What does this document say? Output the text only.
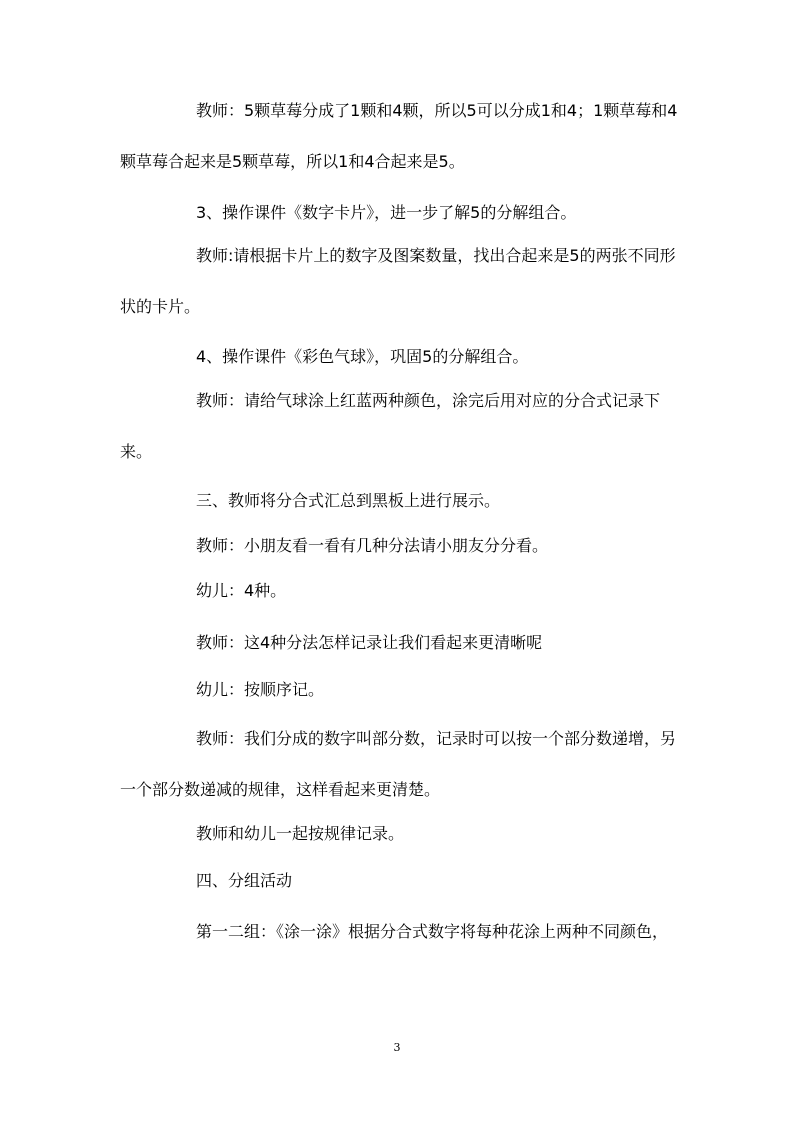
教师：5颗草莓分成了1颗和4颗，所以5可以分成1和4；1颗草莓和4颗草莓合起来是5颗草莓，所以1和4合起来是5。

3、操作课件《数字卡片》，进一步了解5的分解组合。

教师:请根据卡片上的数字及图案数量，找出合起来是5的两张不同形状的卡片。

4、操作课件《彩色气球》，巩固5的分解组合。

教师：请给气球涂上红蓝两种颜色，涂完后用对应的分合式记录下来。

三、教师将分合式汇总到黑板上进行展示。

教师：小朋友看一看有几种分法请小朋友分分看。

幼儿：4种。

教师：这4种分法怎样记录让我们看起来更清晰呢

幼儿：按顺序记。

教师：我们分成的数字叫部分数，记录时可以按一个部分数递增，另一个部分数递减的规律，这样看起来更清楚。

教师和幼儿一起按规律记录。

四、分组活动

第一二组：《涂一涂》根据分合式数字将每种花涂上两种不同颜色，

3
